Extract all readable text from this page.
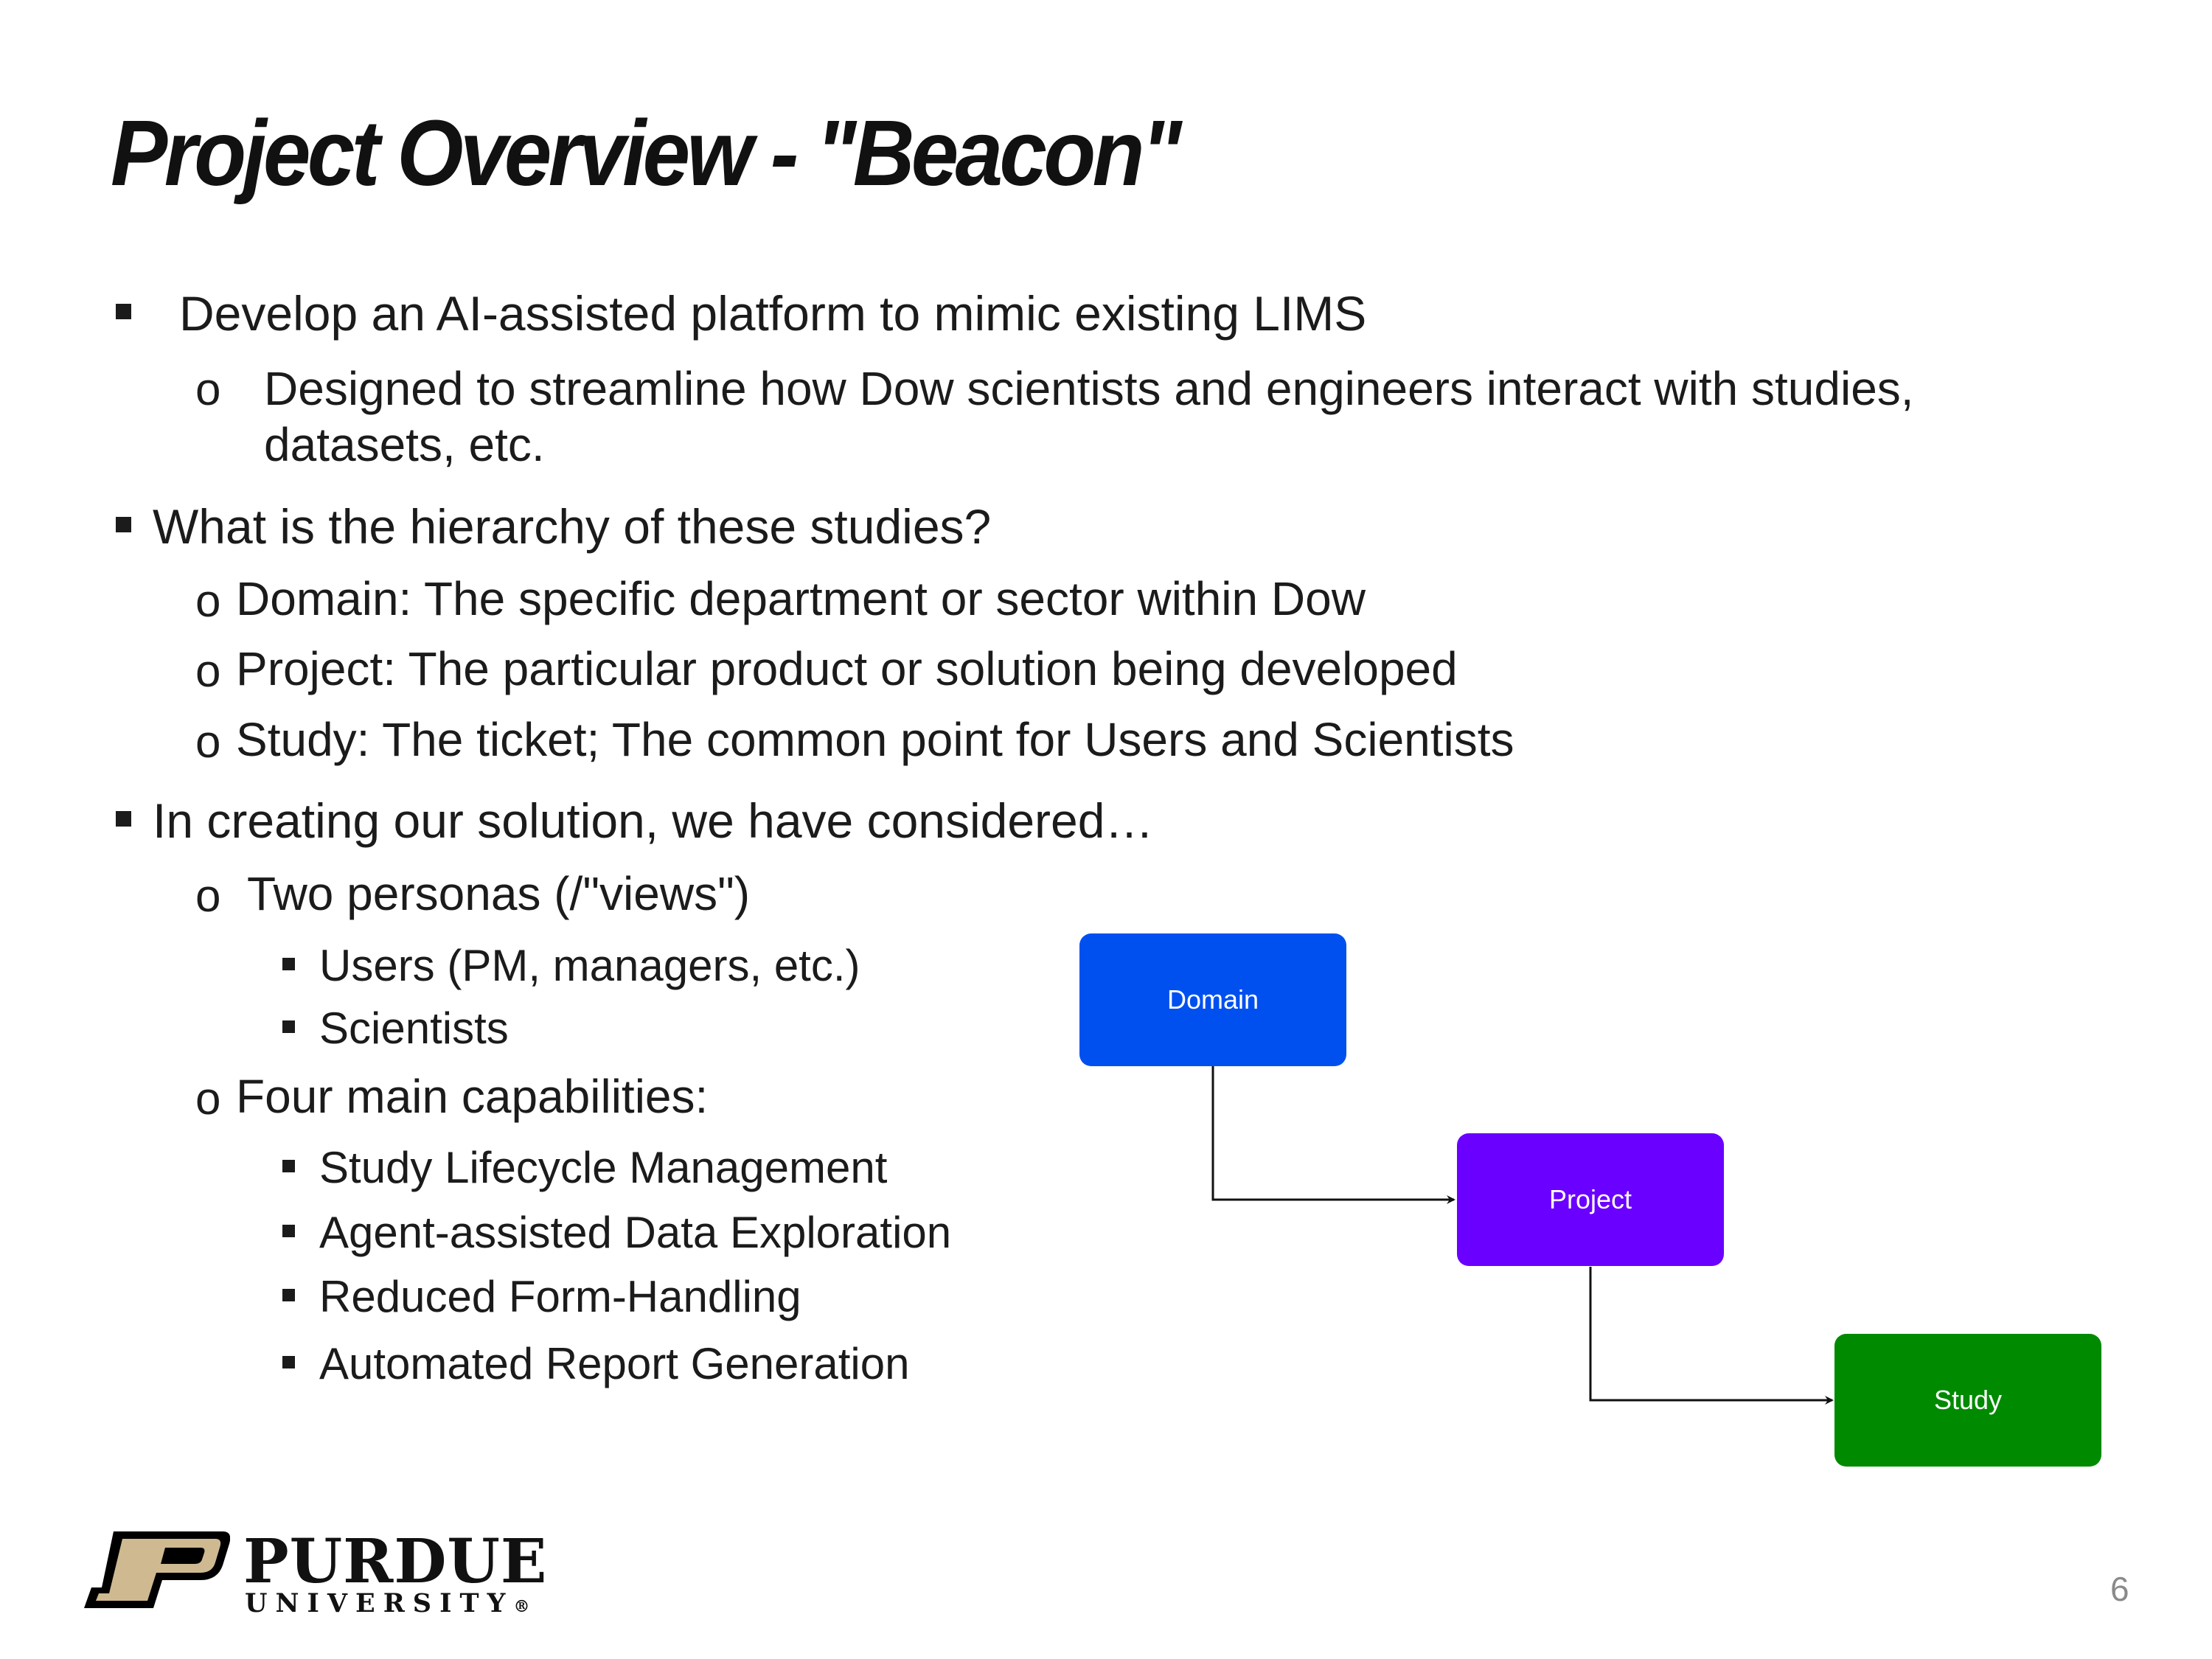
Project Overview - "Beacon"
Develop an AI-assisted platform to mimic existing LIMS
o Designed to streamline how Dow scientists and engineers interact with studies,
datasets, etc.
What is the hierarchy of these studies?
o Domain: The specific department or sector within Dow
o Project: The particular product or solution being developed
o Study: The ticket; The common point for Users and Scientists
In creating our solution, we have considered…
o Two personas (/"views")
Users (PM, managers, etc.)
Scientists
o Four main capabilities:
Study Lifecycle Management
Agent-assisted Data Exploration
Reduced Form-Handling
Automated Report Generation
Domain
Project
Study
PURDUE
UNIVERSITY®	6
